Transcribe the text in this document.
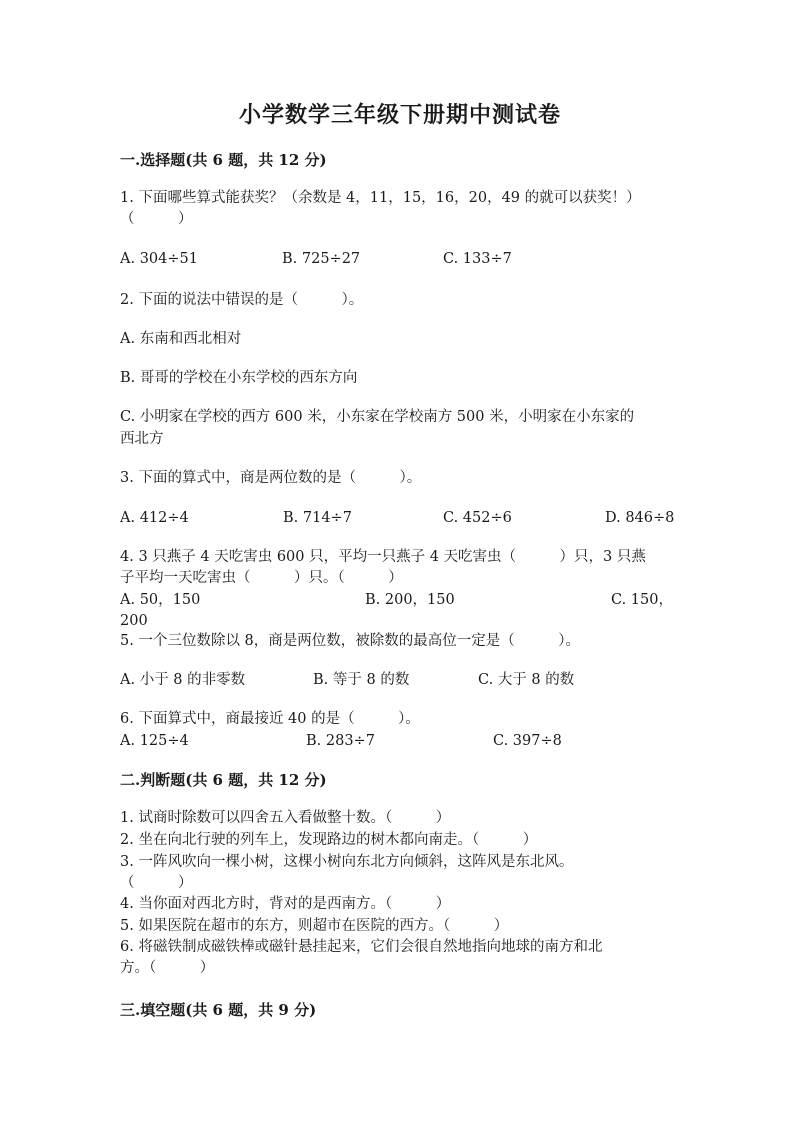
小学数学三年级下册期中测试卷
一.选择题(共 6 题，共 12 分)
1. 下面哪些算式能获奖？（余数是 4，11，15，16，20，49 的就可以获奖！）
（　　　）
A. 304÷51	B. 725÷27	C. 133÷7
2. 下面的说法中错误的是（　　　）。
A. 东南和西北相对
B. 哥哥的学校在小东学校的西东方向
C. 小明家在学校的西方 600 米，小东家在学校南方 500 米，小明家在小东家的
西北方
3. 下面的算式中，商是两位数的是（　　　）。
A. 412÷4	B. 714÷7	C. 452÷6	D. 846÷8
4. 3 只燕子 4 天吃害虫 600 只，平均一只燕子 4 天吃害虫（　　　）只，3 只燕
子平均一天吃害虫（　　　）只。（　　　）
A. 50，150	B. 200，150	C. 150，
200
5. 一个三位数除以 8，商是两位数，被除数的最高位一定是（　　　）。
A. 小于 8 的非零数	B. 等于 8 的数	C. 大于 8 的数
6. 下面算式中，商最接近 40 的是（　　　）。
A. 125÷4	B. 283÷7	C. 397÷8
二.判断题(共 6 题，共 12 分)
1. 试商时除数可以四舍五入看做整十数。（　　　）
2. 坐在向北行驶的列车上，发现路边的树木都向南走。（　　　）
3. 一阵风吹向一棵小树，这棵小树向东北方向倾斜，这阵风是东北风。
（　　　）
4. 当你面对西北方时，背对的是西南方。（　　　）
5. 如果医院在超市的东方，则超市在医院的西方。（　　　）
6. 将磁铁制成磁铁棒或磁针悬挂起来，它们会很自然地指向地球的南方和北
方。（　　　）
三.填空题(共 6 题，共 9 分)
